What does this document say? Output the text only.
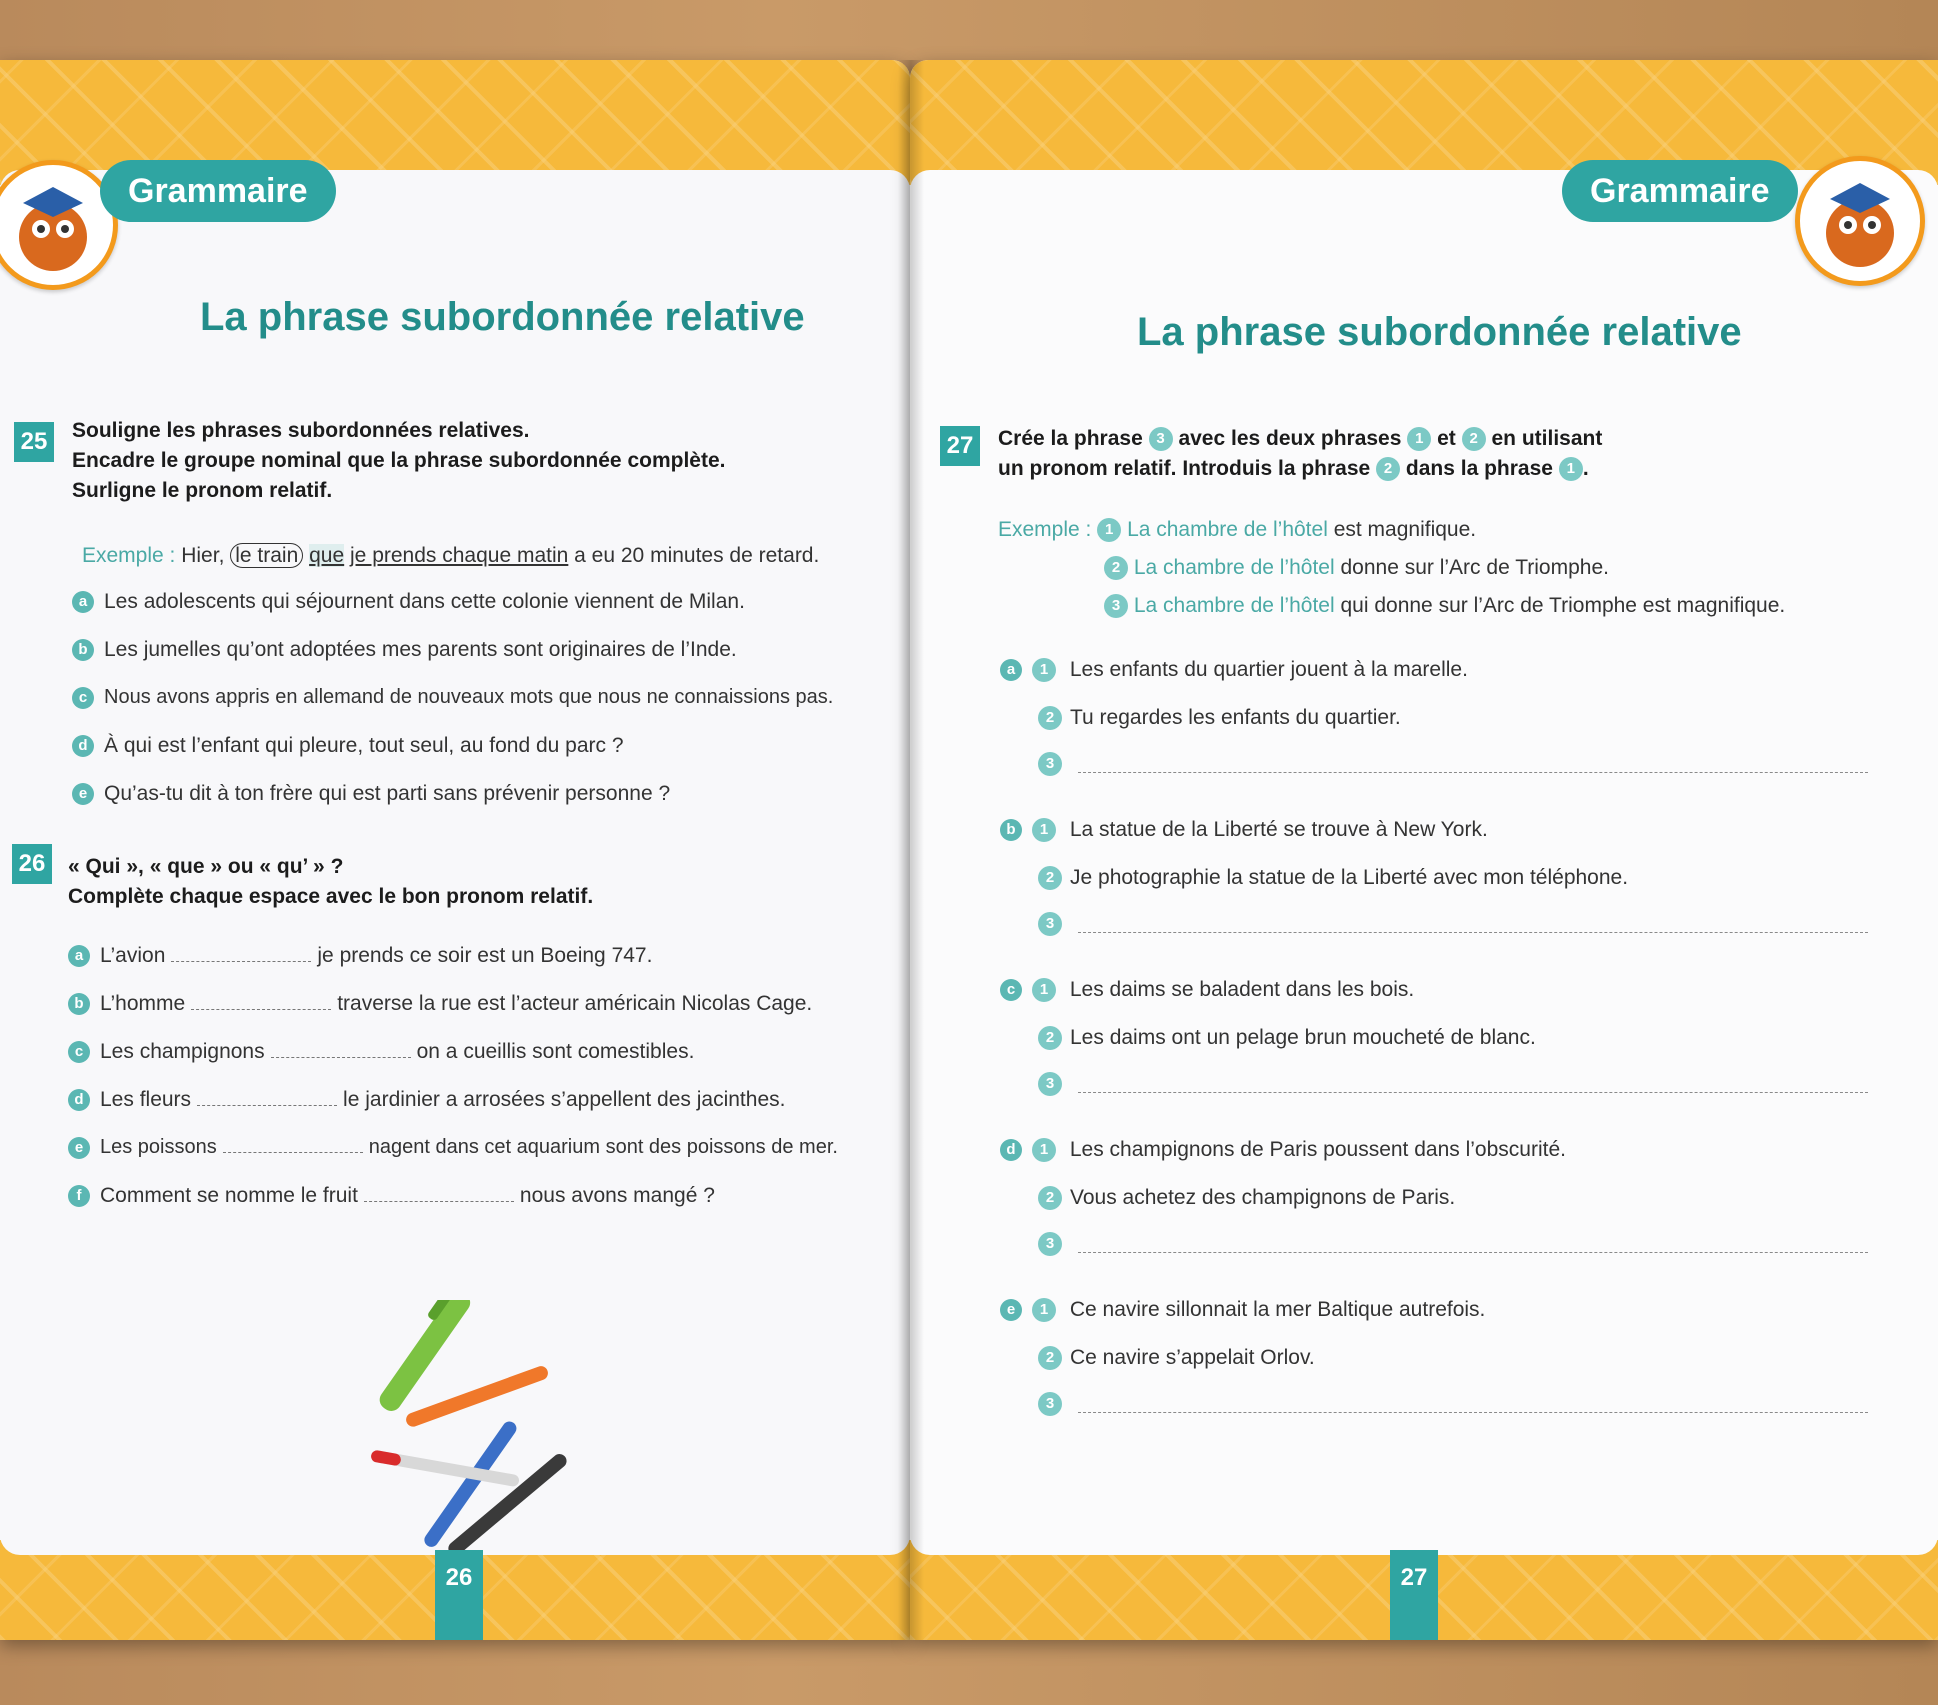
Grammaire
La phrase subordonnée relative
25	Souligne les phrases subordonnées relatives.
Encadre le groupe nominal que la phrase subordonnée complète.
Surligne le pronom relatif.
Exemple : Hier, le train que je prends chaque matin a eu 20 minutes de retard.
a Les adolescents qui séjournent dans cette colonie viennent de Milan.
b Les jumelles qu’ont adoptées mes parents sont originaires de l’Inde.
c Nous avons appris en allemand de nouveaux mots que nous ne connaissions pas.
d À qui est l’enfant qui pleure, tout seul, au fond du parc ?
e Qu’as-tu dit à ton frère qui est parti sans prévenir personne ?
26	« Qui », « que » ou « qu’ » ?
Complète chaque espace avec le bon pronom relatif.
a L’avion	je prends ce soir est un Boeing 747.
b L’homme	traverse la rue est l’acteur américain Nicolas Cage.
c Les champignons	on a cueillis sont comestibles.
d Les fleurs	le jardinier a arrosées s’appellent des jacinthes.
e Les poissons	nagent dans cet aquarium sont des poissons de mer.
f Comment se nomme le fruit	nous avons mangé ?
26
Grammaire
La phrase subordonnée relative
27	Crée la phrase 3 avec les deux phrases 1 et 2 en utilisant
un pronom relatif. Introduis la phrase 2 dans la phrase 1 .
Exemple : 1 La chambre de l’hôtel est magnifique.
2 La chambre de l’hôtel donne sur l’Arc de Triomphe.
3 La chambre de l’hôtel qui donne sur l’Arc de Triomphe est magnifique.
a 1 Les enfants du quartier jouent à la marelle.
2 Tu regardes les enfants du quartier.
3
b 1 La statue de la Liberté se trouve à New York.
2 Je photographie la statue de la Liberté avec mon téléphone.
3
c 1 Les daims se baladent dans les bois.
2 Les daims ont un pelage brun moucheté de blanc.
3
d 1 Les champignons de Paris poussent dans l’obscurité.
2 Vous achetez des champignons de Paris.
3
e 1 Ce navire sillonnait la mer Baltique autrefois.
2 Ce navire s’appelait Orlov.
3
27
